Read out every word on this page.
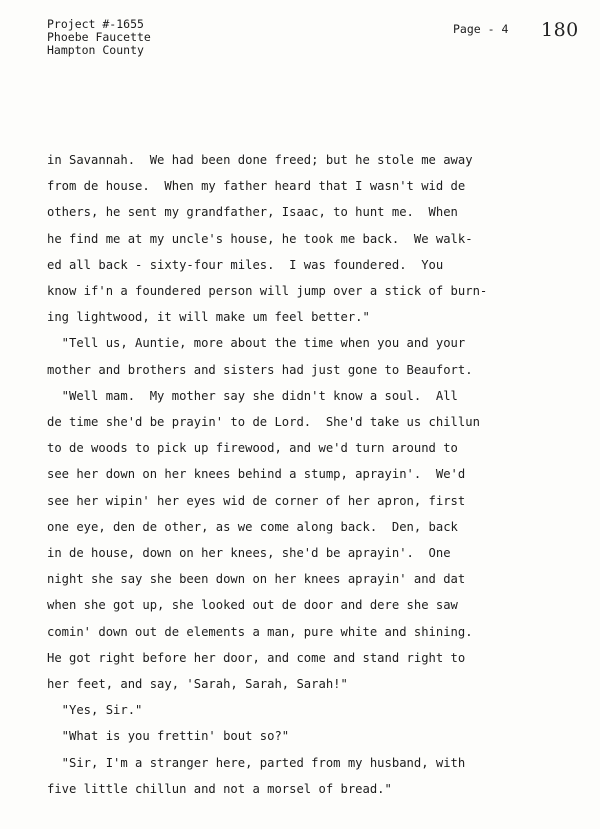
Project #-1655
Phoebe Faucette
Hampton County
Page - 4 180
in Savannah.  We had been done freed; but he stole me away
from de house.  When my father heard that I wasn't wid de
others, he sent my grandfather, Isaac, to hunt me.  When
he find me at my uncle's house, he took me back.  We walk-
ed all back - sixty-four miles.  I was foundered.  You
know if'n a foundered person will jump over a stick of burn-
ing lightwood, it will make um feel better."
"Tell us, Auntie, more about the time when you and your
mother and brothers and sisters had just gone to Beaufort.
"Well mam.  My mother say she didn't know a soul.  All
de time she'd be prayin' to de Lord.  She'd take us chillun
to de woods to pick up firewood, and we'd turn around to
see her down on her knees behind a stump, aprayin'.  We'd
see her wipin' her eyes wid de corner of her apron, first
one eye, den de other, as we come along back.  Den, back
in de house, down on her knees, she'd be aprayin'.  One
night she say she been down on her knees aprayin' and dat
when she got up, she looked out de door and dere she saw
comin' down out de elements a man, pure white and shining.
He got right before her door, and come and stand right to
her feet, and say, 'Sarah, Sarah, Sarah!"
"Yes, Sir."
"What is you frettin' bout so?"
"Sir, I'm a stranger here, parted from my husband, with
five little chillun and not a morsel of bread."
